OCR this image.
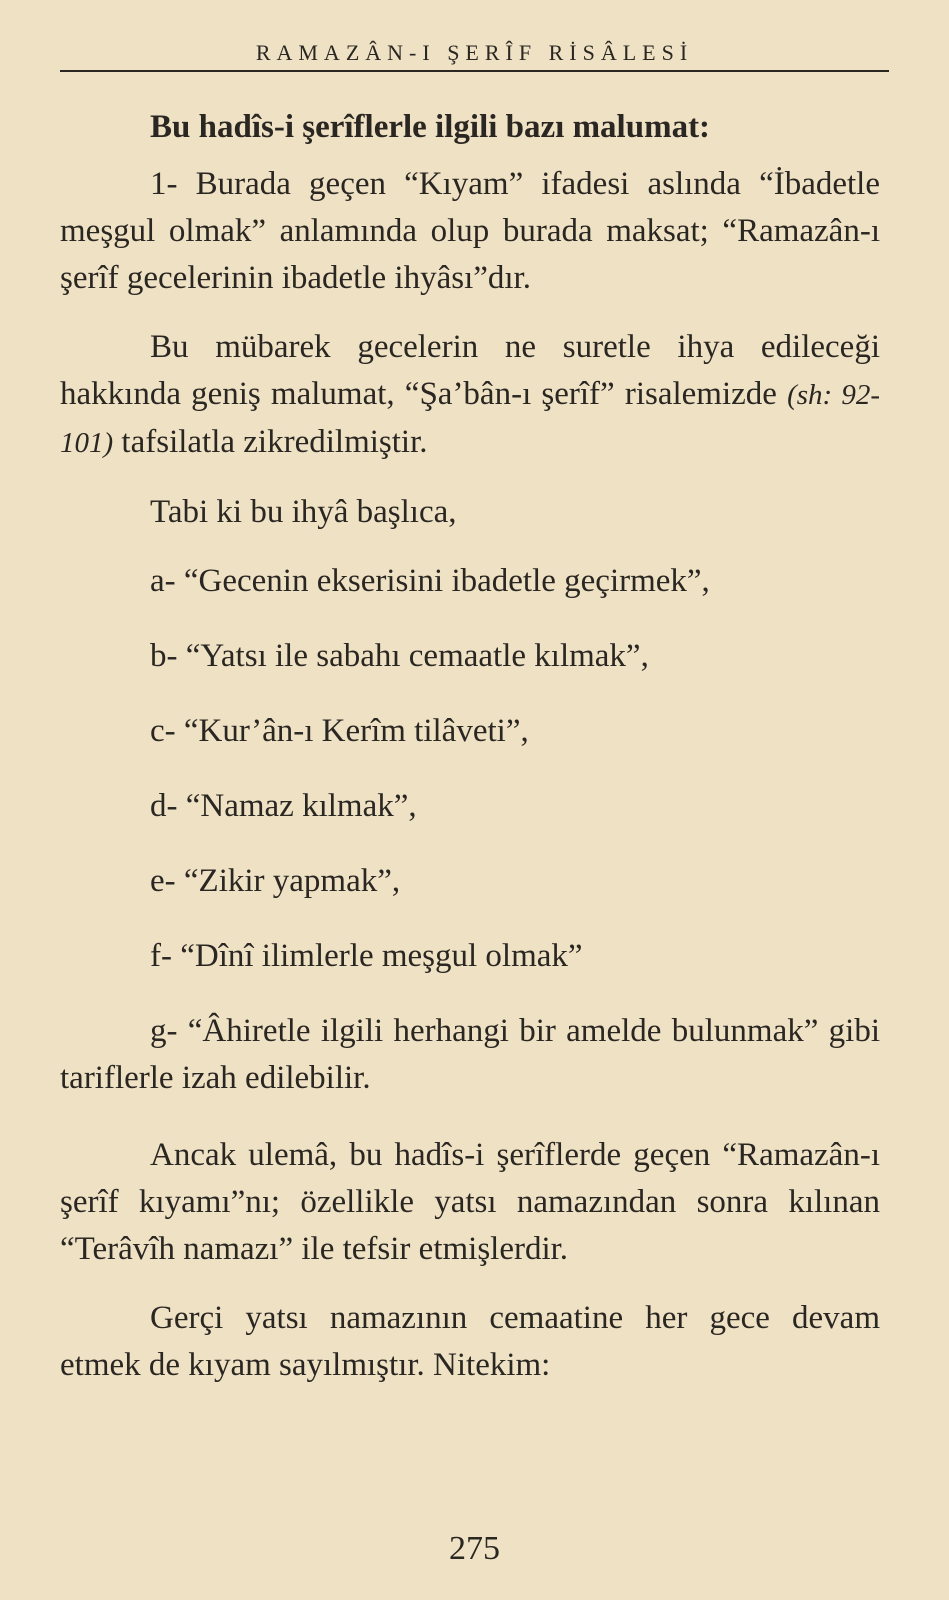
RAMAZÂN-I ŞERÎF RİSÂLESİ

Bu hadîs-i şerîflerle ilgili bazı malumat:

1- Burada geçen “Kıyam” ifadesi aslında “İbadetle meşgul olmak” anlamında olup burada maksat; “Ramazân-ı şerîf gecelerinin ibadetle ihyâsı”dır.

Bu mübarek gecelerin ne suretle ihya edileceği hakkında geniş malumat, “Şa’bân-ı şerîf” risalemizde (sh: 92-101) tafsilatla zikredilmiştir.

Tabi ki bu ihyâ başlıca,

a- “Gecenin ekserisini ibadetle geçirmek”,

b- “Yatsı ile sabahı cemaatle kılmak”,

c- “Kur’ân-ı Kerîm tilâveti”,

d- “Namaz kılmak”,

e- “Zikir yapmak”,

f- “Dînî ilimlerle meşgul olmak”

g- “Âhiretle ilgili herhangi bir amelde bulunmak” gibi tariflerle izah edilebilir.

Ancak ulemâ, bu hadîs-i şerîflerde geçen “Ramazân-ı şerîf kıyamı”nı; özellikle yatsı namazından sonra kılınan “Terâvîh namazı” ile tefsir etmişlerdir.

Gerçi yatsı namazının cemaatine her gece devam etmek de kıyam sayılmıştır. Nitekim:

275
